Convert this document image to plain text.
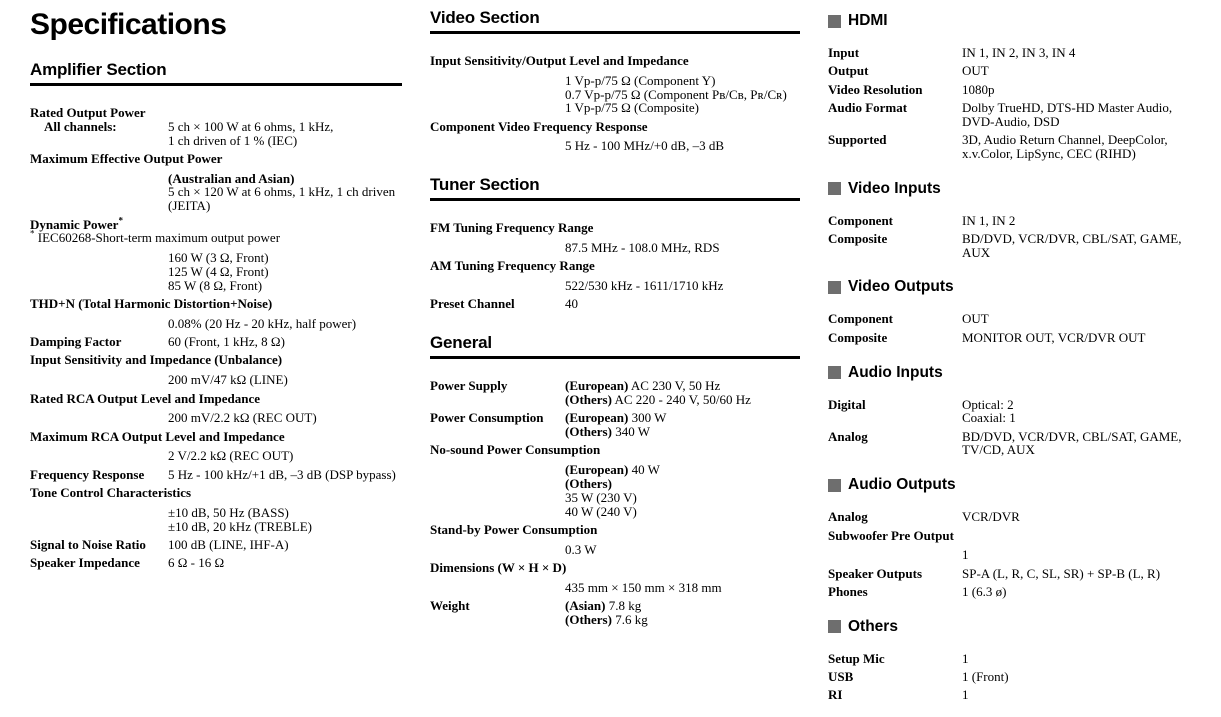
Specifications
Amplifier Section
Rated Output Power
All channels:	5 ch × 100 W at 6 ohms, 1 kHz,
1 ch driven of 1 % (IEC)
Maximum Effective Output Power
(Australian and Asian)
5 ch × 120 W at 6 ohms, 1 kHz, 1 ch driven
(JEITA)
Dynamic Power*
* IEC60268-Short-term maximum output power
160 W (3 Ω, Front)
125 W (4 Ω, Front)
85 W (8 Ω, Front)
THD+N (Total Harmonic Distortion+Noise)
0.08% (20 Hz - 20 kHz, half power)
Damping Factor	60 (Front, 1 kHz, 8 Ω)
Input Sensitivity and Impedance (Unbalance)
200 mV/47 kΩ (LINE)
Rated RCA Output Level and Impedance
200 mV/2.2 kΩ (REC OUT)
Maximum RCA Output Level and Impedance
2 V/2.2 kΩ (REC OUT)
Frequency Response	5 Hz - 100 kHz/+1 dB, –3 dB (DSP bypass)
Tone Control Characteristics
±10 dB, 50 Hz (BASS)
±10 dB, 20 kHz (TREBLE)
Signal to Noise Ratio	100 dB (LINE, IHF-A)
Speaker Impedance	6 Ω - 16 Ω
Video Section
Input Sensitivity/Output Level and Impedance
1 Vp-p/75 Ω (Component Y)
0.7 Vp-p/75 Ω (Component Pʙ/Cʙ, Pʀ/Cʀ)
1 Vp-p/75 Ω (Composite)
Component Video Frequency Response
5 Hz - 100 MHz/+0 dB, –3 dB
Tuner Section
FM Tuning Frequency Range
87.5 MHz - 108.0 MHz, RDS
AM Tuning Frequency Range
522/530 kHz - 1611/1710 kHz
Preset Channel	40
General
Power Supply	(European) AC 230 V, 50 Hz
(Others) AC 220 - 240 V, 50/60 Hz
Power Consumption	(European) 300 W
(Others) 340 W
No-sound Power Consumption
(European) 40 W
(Others)
35 W (230 V)
40 W (240 V)
Stand-by Power Consumption
0.3 W
Dimensions (W × H × D)
435 mm × 150 mm × 318 mm
Weight	(Asian) 7.8 kg
(Others) 7.6 kg
HDMI
Input	IN 1, IN 2, IN 3, IN 4
Output	OUT
Video Resolution	1080p
Audio Format	Dolby TrueHD, DTS-HD Master Audio,
DVD-Audio, DSD
Supported	3D, Audio Return Channel, DeepColor,
x.v.Color, LipSync, CEC (RIHD)
Video Inputs
Component	IN 1, IN 2
Composite	BD/DVD, VCR/DVR, CBL/SAT, GAME,
AUX
Video Outputs
Component	OUT
Composite	MONITOR OUT, VCR/DVR OUT
Audio Inputs
Digital	Optical: 2
Coaxial: 1
Analog	BD/DVD, VCR/DVR, CBL/SAT, GAME,
TV/CD, AUX
Audio Outputs
Analog	VCR/DVR
Subwoofer Pre Output
1
Speaker Outputs	SP-A (L, R, C, SL, SR) + SP-B (L, R)
Phones	1 (6.3 ø)
Others
Setup Mic	1
USB	1 (Front)
RI	1
